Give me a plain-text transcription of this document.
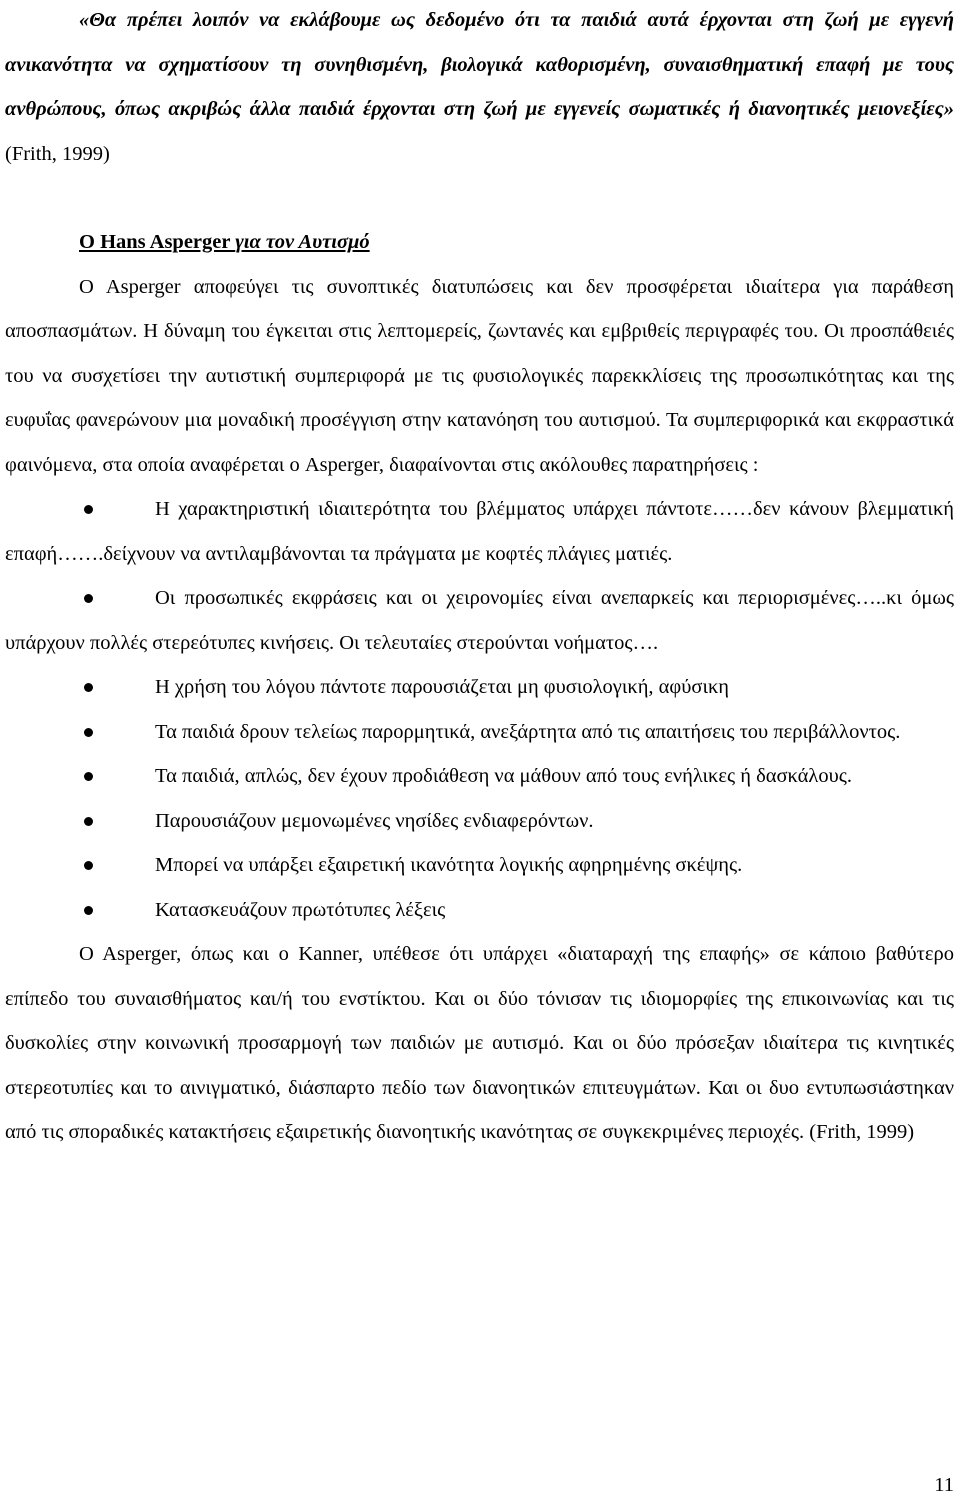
«Θα πρέπει λοιπόν να εκλάβουμε ως δεδομένο ότι τα παιδιά αυτά έρχονται στη ζωή με εγγενή ανικανότητα να σχηματίσουν τη συνηθισμένη, βιολογικά καθορισμένη, συναισθηματική επαφή με τους ανθρώπους, όπως ακριβώς άλλα παιδιά έρχονται στη ζωή με εγγενείς σωματικές ή διανοητικές μειονεξίες» (Frith, 1999)

O Hans Asperger για τον Αυτισμό

O Asperger αποφεύγει τις συνοπτικές διατυπώσεις και δεν προσφέρεται ιδιαίτερα για παράθεση αποσπασμάτων. Η δύναμη του έγκειται στις λεπτομερείς, ζωντανές και εμβριθείς περιγραφές του. Οι προσπάθειές του να συσχετίσει την αυτιστική συμπεριφορά με τις φυσιολογικές παρεκκλίσεις της προσωπικότητας και της ευφυΐας φανερώνουν μια μοναδική προσέγγιση στην κατανόηση του αυτισμού. Τα συμπεριφορικά και εκφραστικά φαινόμενα, στα οποία αναφέρεται ο Asperger, διαφαίνονται στις ακόλουθες παρατηρήσεις :

Η χαρακτηριστική ιδιαιτερότητα του βλέμματος υπάρχει πάντοτε……δεν κάνουν βλεμματική επαφή…….δείχνουν να αντιλαμβάνονται τα πράγματα με κοφτές πλάγιες ματιές.

Οι προσωπικές εκφράσεις και οι χειρονομίες είναι ανεπαρκείς και περιορισμένες…..κι όμως υπάρχουν πολλές στερεότυπες κινήσεις. Οι τελευταίες στερούνται νοήματος….

Η χρήση του λόγου πάντοτε παρουσιάζεται μη φυσιολογική, αφύσικη

Τα παιδιά δρουν τελείως παρορμητικά, ανεξάρτητα από τις απαιτήσεις του περιβάλλοντος.

Τα παιδιά, απλώς, δεν έχουν προδιάθεση να μάθουν από τους ενήλικες ή δασκάλους.

Παρουσιάζουν μεμονωμένες νησίδες ενδιαφερόντων.

Μπορεί να υπάρξει εξαιρετική ικανότητα λογικής αφηρημένης σκέψης.

Κατασκευάζουν πρωτότυπες λέξεις

O Asperger, όπως και ο Kanner, υπέθεσε ότι υπάρχει «διαταραχή της επαφής» σε κάποιο βαθύτερο επίπεδο του συναισθήματος και/ή του ενστίκτου. Και οι δύο τόνισαν τις ιδιομορφίες της επικοινωνίας και τις δυσκολίες στην κοινωνική προσαρμογή των παιδιών με αυτισμό. Και οι δύο πρόσεξαν ιδιαίτερα τις κινητικές στερεοτυπίες και το αινιγματικό, διάσπαρτο πεδίο των διανοητικών επιτευγμάτων. Και οι δυο εντυπωσιάστηκαν από τις σποραδικές κατακτήσεις εξαιρετικής διανοητικής ικανότητας σε συγκεκριμένες περιοχές. (Frith, 1999)

11
